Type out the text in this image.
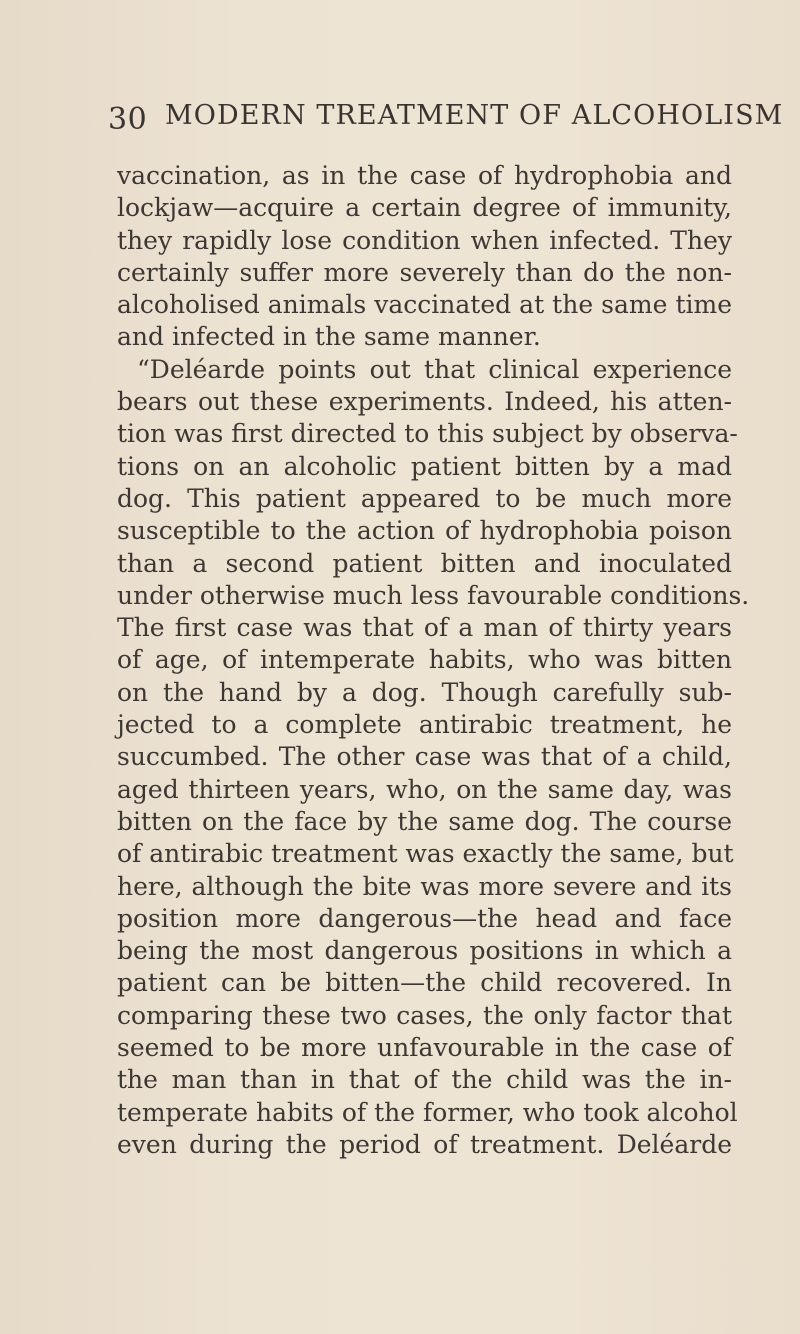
30 MODERN TREATMENT OF ALCOHOLISM
vaccination, as in the case of hydrophobia and
lockjaw—acquire a certain degree of immunity,
they rapidly lose condition when infected. They
certainly suffer more severely than do the non-
alcoholised animals vaccinated at the same time
and infected in the same manner.
“Deléarde points out that clinical experience
bears out these experiments. Indeed, his atten-
tion was first directed to this subject by observa-
tions on an alcoholic patient bitten by a mad
dog. This patient appeared to be much more
susceptible to the action of hydrophobia poison
than a second patient bitten and inoculated
under otherwise much less favourable conditions.
The first case was that of a man of thirty years
of age, of intemperate habits, who was bitten
on the hand by a dog. Though carefully sub-
jected to a complete antirabic treatment, he
succumbed. The other case was that of a child,
aged thirteen years, who, on the same day, was
bitten on the face by the same dog. The course
of antirabic treatment was exactly the same, but
here, although the bite was more severe and its
position more dangerous—the head and face
being the most dangerous positions in which a
patient can be bitten—the child recovered. In
comparing these two cases, the only factor that
seemed to be more unfavourable in the case of
the man than in that of the child was the in-
temperate habits of the former, who took alcohol
even during the period of treatment. Deléarde
